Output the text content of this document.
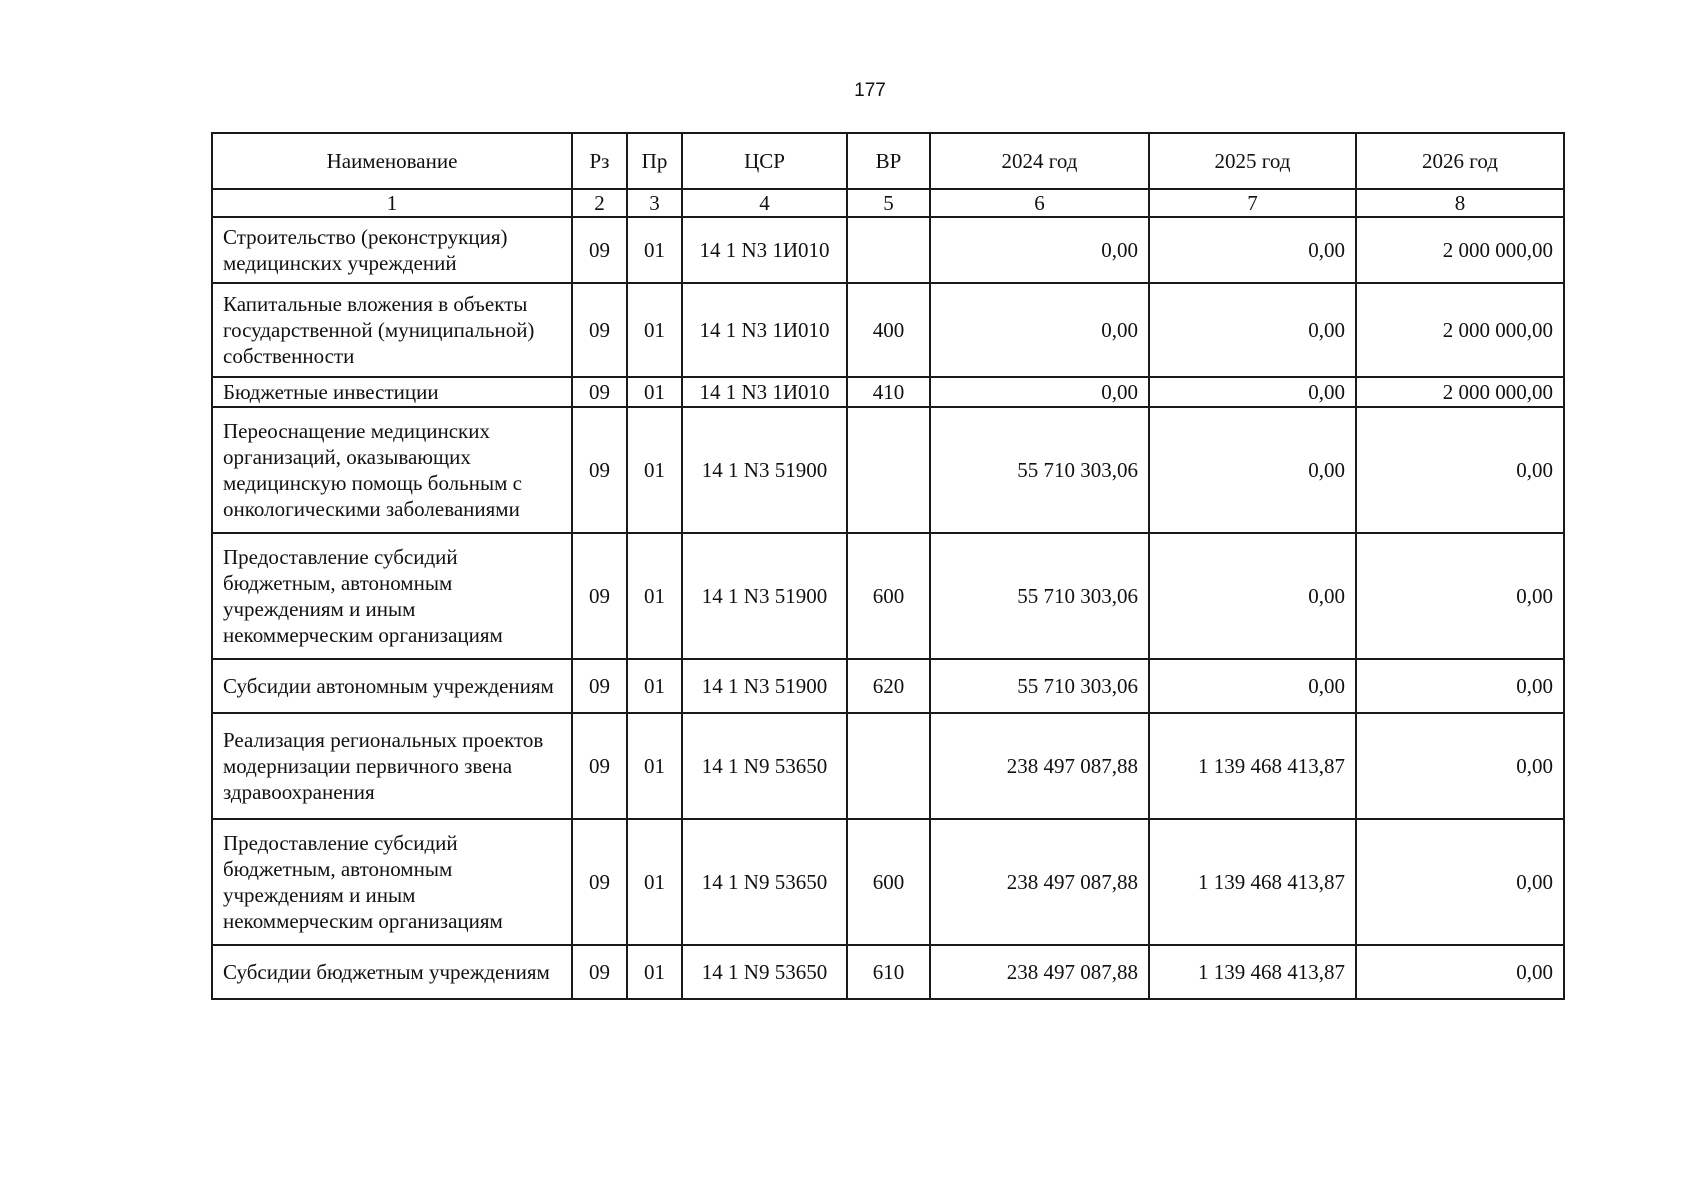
177
Наименование	Рз	Пр	ЦСР	ВР	2024 год	2025 год	2026 год
1	2	3	4	5	6	7	8
Строительство (реконструкция) медицинских учреждений	09	01	14 1 N3 1И010		0,00	0,00	2 000 000,00
Капитальные вложения в объекты государственной (муниципальной) собственности	09	01	14 1 N3 1И010	400	0,00	0,00	2 000 000,00
Бюджетные инвестиции	09	01	14 1 N3 1И010	410	0,00	0,00	2 000 000,00
Переоснащение медицинских организаций, оказывающих медицинскую помощь больным с онкологическими заболеваниями	09	01	14 1 N3 51900		55 710 303,06	0,00	0,00
Предоставление субсидий бюджетным, автономным учреждениям и иным некоммерческим организациям	09	01	14 1 N3 51900	600	55 710 303,06	0,00	0,00
Субсидии автономным учреждениям	09	01	14 1 N3 51900	620	55 710 303,06	0,00	0,00
Реализация региональных проектов модернизации первичного звена здравоохранения	09	01	14 1 N9 53650		238 497 087,88	1 139 468 413,87	0,00
Предоставление субсидий бюджетным, автономным учреждениям и иным некоммерческим организациям	09	01	14 1 N9 53650	600	238 497 087,88	1 139 468 413,87	0,00
Субсидии бюджетным учреждениям	09	01	14 1 N9 53650	610	238 497 087,88	1 139 468 413,87	0,00
